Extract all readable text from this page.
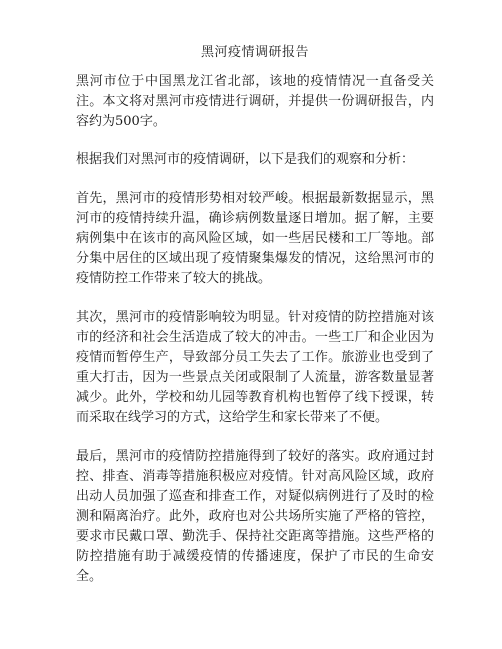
黑河疫情调研报告

黑河市位于中国黑龙江省北部，该地的疫情情况一直备受关注。本文将对黑河市疫情进行调研，并提供一份调研报告，内容约为500字。

根据我们对黑河市的疫情调研，以下是我们的观察和分析：

首先，黑河市的疫情形势相对较严峻。根据最新数据显示，黑河市的疫情持续升温，确诊病例数量逐日增加。据了解，主要病例集中在该市的高风险区域，如一些居民楼和工厂等地。部分集中居住的区域出现了疫情聚集爆发的情况，这给黑河市的疫情防控工作带来了较大的挑战。

其次，黑河市的疫情影响较为明显。针对疫情的防控措施对该市的经济和社会生活造成了较大的冲击。一些工厂和企业因为疫情而暂停生产，导致部分员工失去了工作。旅游业也受到了重大打击，因为一些景点关闭或限制了人流量，游客数量显著减少。此外，学校和幼儿园等教育机构也暂停了线下授课，转而采取在线学习的方式，这给学生和家长带来了不便。

最后，黑河市的疫情防控措施得到了较好的落实。政府通过封控、排查、消毒等措施积极应对疫情。针对高风险区域，政府出动人员加强了巡查和排查工作，对疑似病例进行了及时的检测和隔离治疗。此外，政府也对公共场所实施了严格的管控，要求市民戴口罩、勤洗手、保持社交距离等措施。这些严格的防控措施有助于减缓疫情的传播速度，保护了市民的生命安全。
